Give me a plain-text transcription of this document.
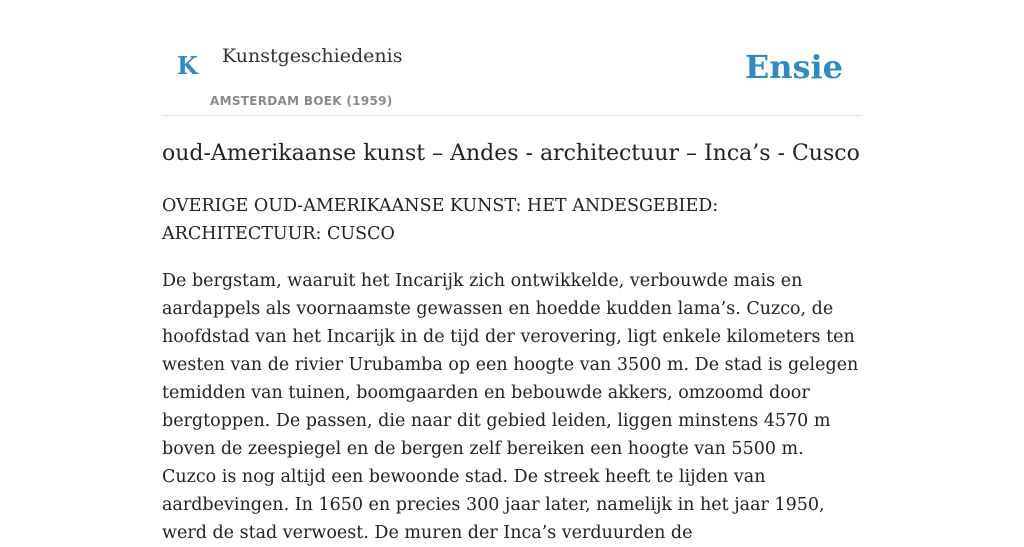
K Kunstgeschiedenis
AMSTERDAM BOEK (1959)
Ensie
oud-Amerikaanse kunst – Andes - architectuur – Inca’s - Cusco
OVERIGE OUD-AMERIKAANSE KUNST: HET ANDESGEBIED: ARCHITECTUUR: CUSCO

De bergstam, waaruit het Incarijk zich ontwikkelde, verbouwde mais en aardappels als voornaamste gewassen en hoedde kudden lama’s. Cuzco, de hoofdstad van het Incarijk in de tijd der verovering, ligt enkele kilometers ten westen van de rivier Urubamba op een hoogte van 3500 m. De stad is gelegen temidden van tuinen, boomgaarden en bebouwde akkers, omzoomd door bergtoppen. De passen, die naar dit gebied leiden, liggen minstens 4570 m boven de zeespiegel en de bergen zelf bereiken een hoogte van 5500 m. Cuzco is nog altijd een bewoonde stad. De streek heeft te lijden van aardbevingen. In 1650 en precies 300 jaar later, namelijk in het jaar 1950, werd de stad verwoest. De muren der Inca’s verduurden de
